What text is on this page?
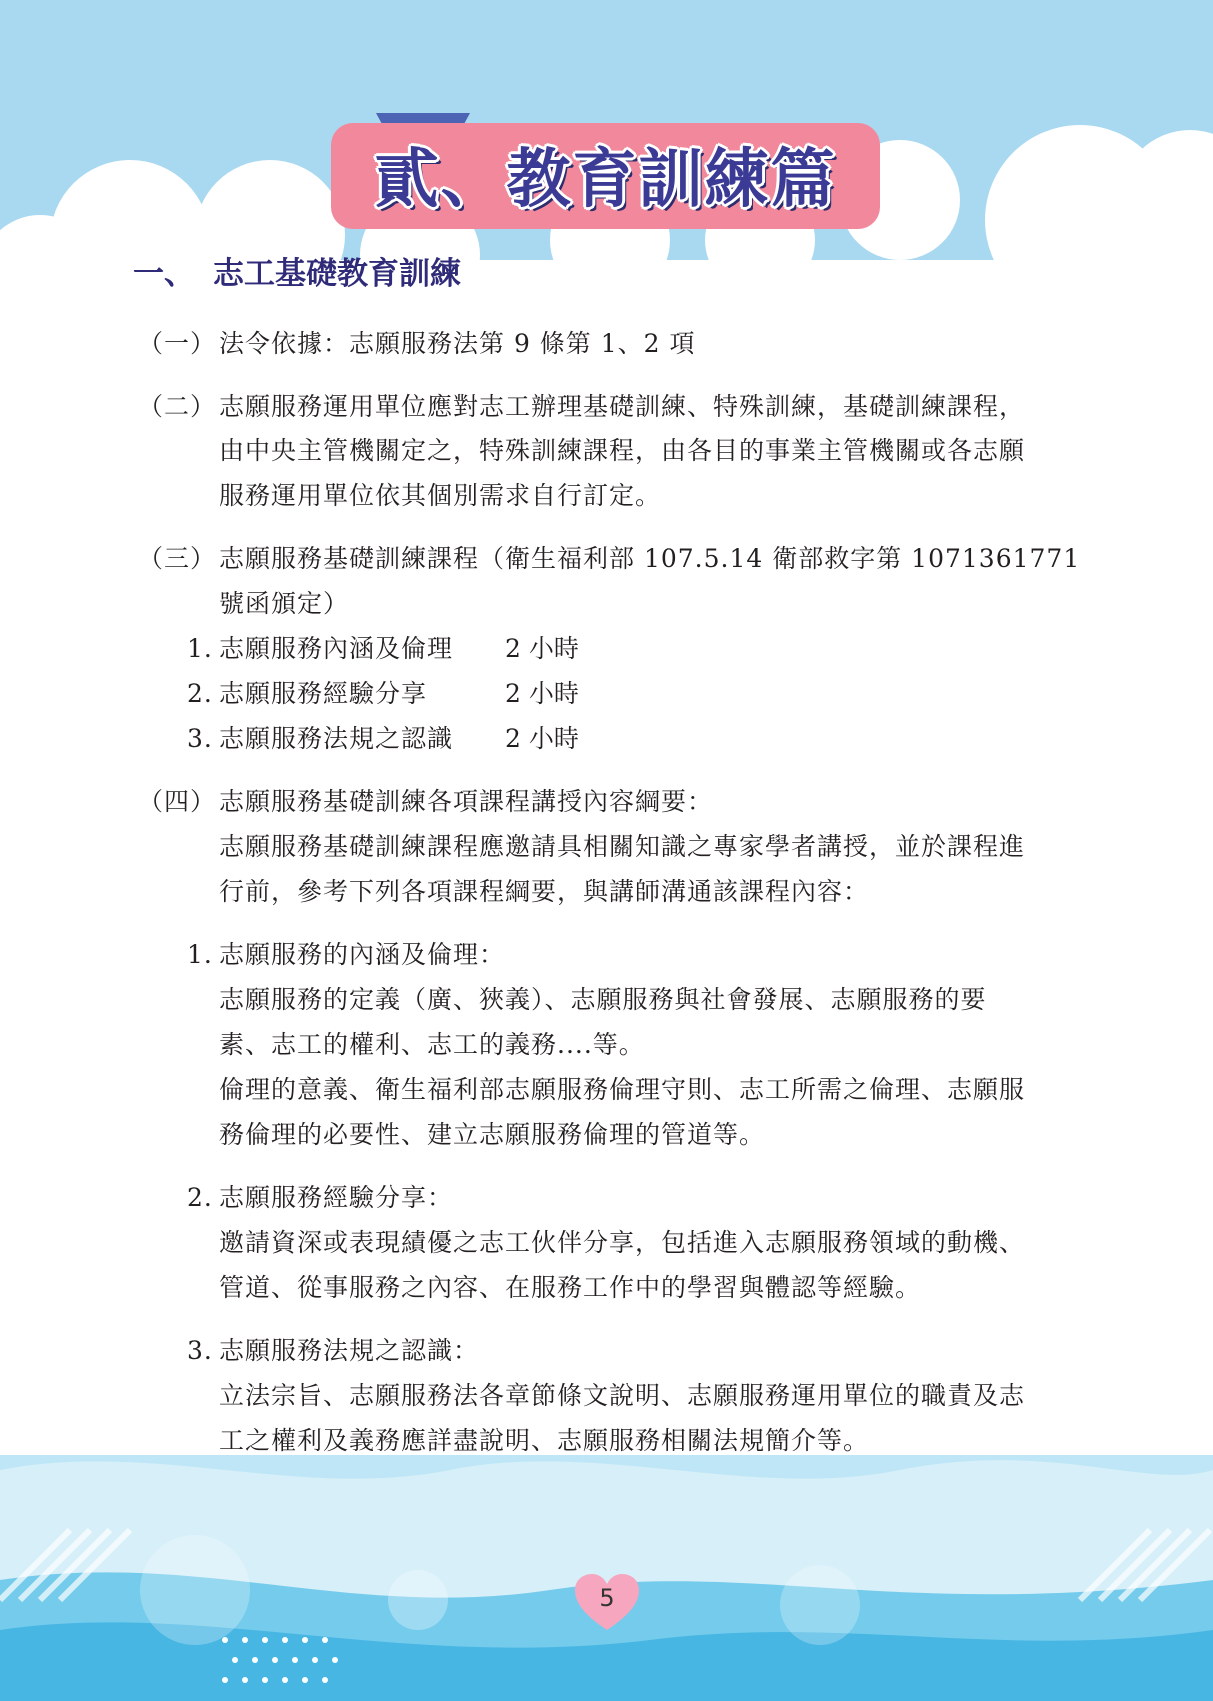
貳、教育訓練篇
一、 志工基礎教育訓練
（一） 法令依據：志願服務法第 9 條第 1、2 項
（二） 志願服務運用單位應對志工辦理基礎訓練、特殊訓練，基礎訓練課程，
由中央主管機關定之，特殊訓練課程，由各目的事業主管機關或各志願
服務運用單位依其個別需求自行訂定。
（三） 志願服務基礎訓練課程（衛生福利部 107.5.14 衛部救字第 1071361771
號函頒定）
1. 志願服務內涵及倫理 2 小時
2. 志願服務經驗分享	2 小時
3. 志願服務法規之認識 2 小時
（四） 志願服務基礎訓練各項課程講授內容綱要：
志願服務基礎訓練課程應邀請具相關知識之專家學者講授，並於課程進
行前，參考下列各項課程綱要，與講師溝通該課程內容：
1. 志願服務的內涵及倫理：
志願服務的定義（廣、狹義）、志願服務與社會發展、志願服務的要
素、志工的權利、志工的義務....等。
倫理的意義、衛生福利部志願服務倫理守則、志工所需之倫理、志願服
務倫理的必要性、建立志願服務倫理的管道等。
2. 志願服務經驗分享：
邀請資深或表現績優之志工伙伴分享，包括進入志願服務領域的動機、
管道、從事服務之內容、在服務工作中的學習與體認等經驗。
3. 志願服務法規之認識：
立法宗旨、志願服務法各章節條文說明、志願服務運用單位的職責及志
工之權利及義務應詳盡說明、志願服務相關法規簡介等。
5
